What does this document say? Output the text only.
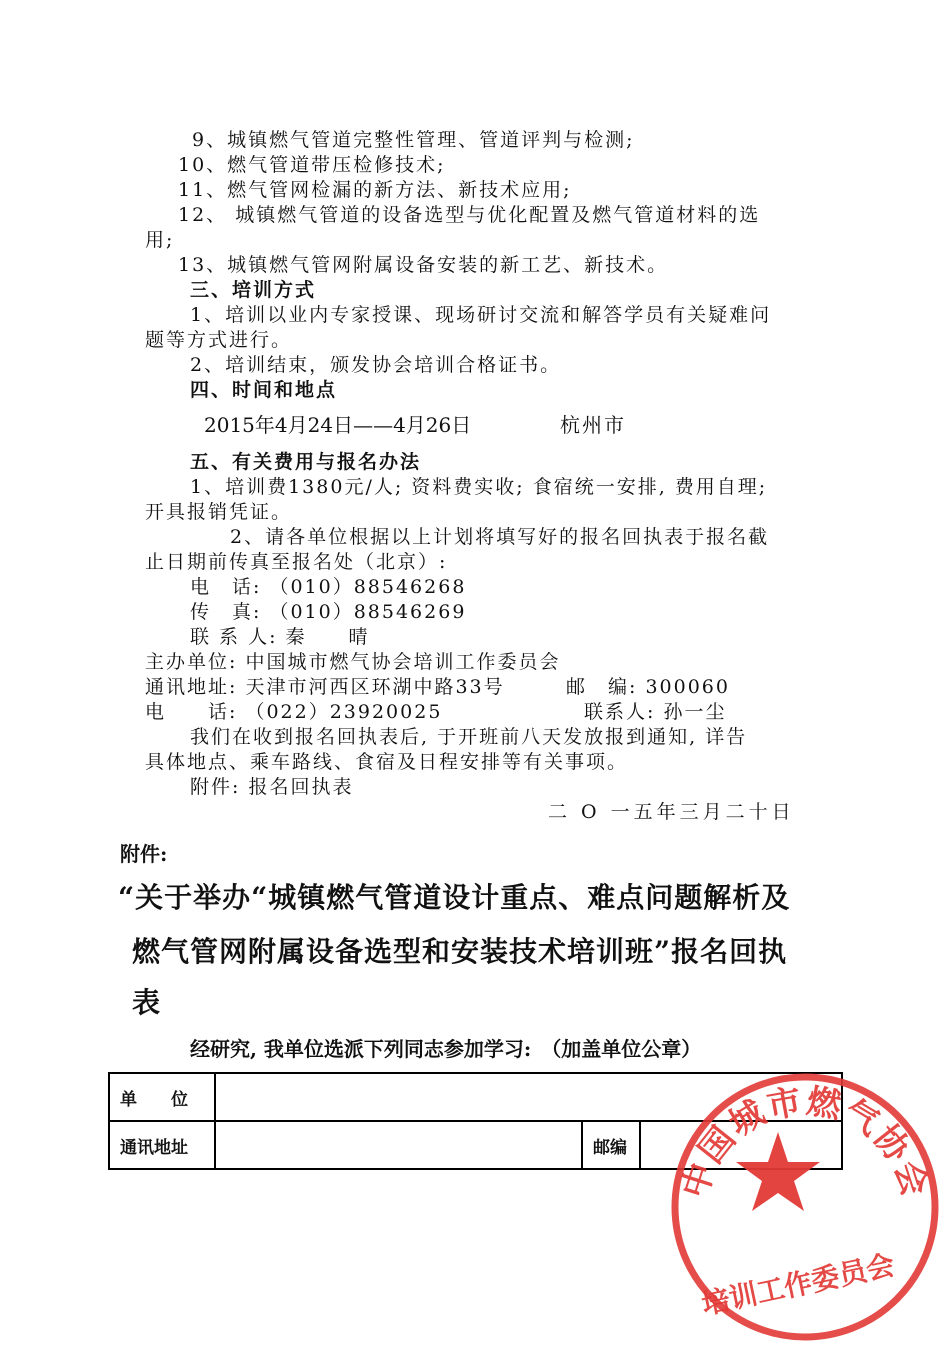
9、城镇燃气管道完整性管理、管道评判与检测;
10、燃气管道带压检修技术;
11、燃气管网检漏的新方法、新技术应用;
12、 城镇燃气管道的设备选型与优化配置及燃气管道材料的选
用;
13、城镇燃气管网附属设备安装的新工艺、新技术。
三、培训方式
1、培训以业内专家授课、现场研讨交流和解答学员有关疑难问
题等方式进行。
2、培训结束，颁发协会培训合格证书。
四、时间和地点
2015年4月24日——4月26日	杭州市
五、有关费用与报名办法
1、培训费1380元/人; 资料费实收; 食宿统一安排, 费用自理;
开具报销凭证。
2、请各单位根据以上计划将填写好的报名回执表于报名截
止日期前传真至报名处（北京）:
电　话: （010）88546268
传　真: （010）88546269
联 系 人: 秦　　晴
主办单位: 中国城市燃气协会培训工作委员会
通讯地址: 天津市河西区环湖中路33号	邮　编: 300060
电　　话: （022）23920025	联系人: 孙一尘
我们在收到报名回执表后, 于开班前八天发放报到通知, 详告
具体地点、乘车路线、食宿及日程安排等有关事项。
附件: 报名回执表
二 O 一五年三月二十日
附件:
“关于举办“城镇燃气管道设计重点、难点问题解析及
燃气管网附属设备选型和安装技术培训班”报名回执
表
经研究, 我单位选派下列同志参加学习:　（加盖单位公章）
单　　位			
通讯地址		邮编	
中国城市燃气协会
培训工作委员会
